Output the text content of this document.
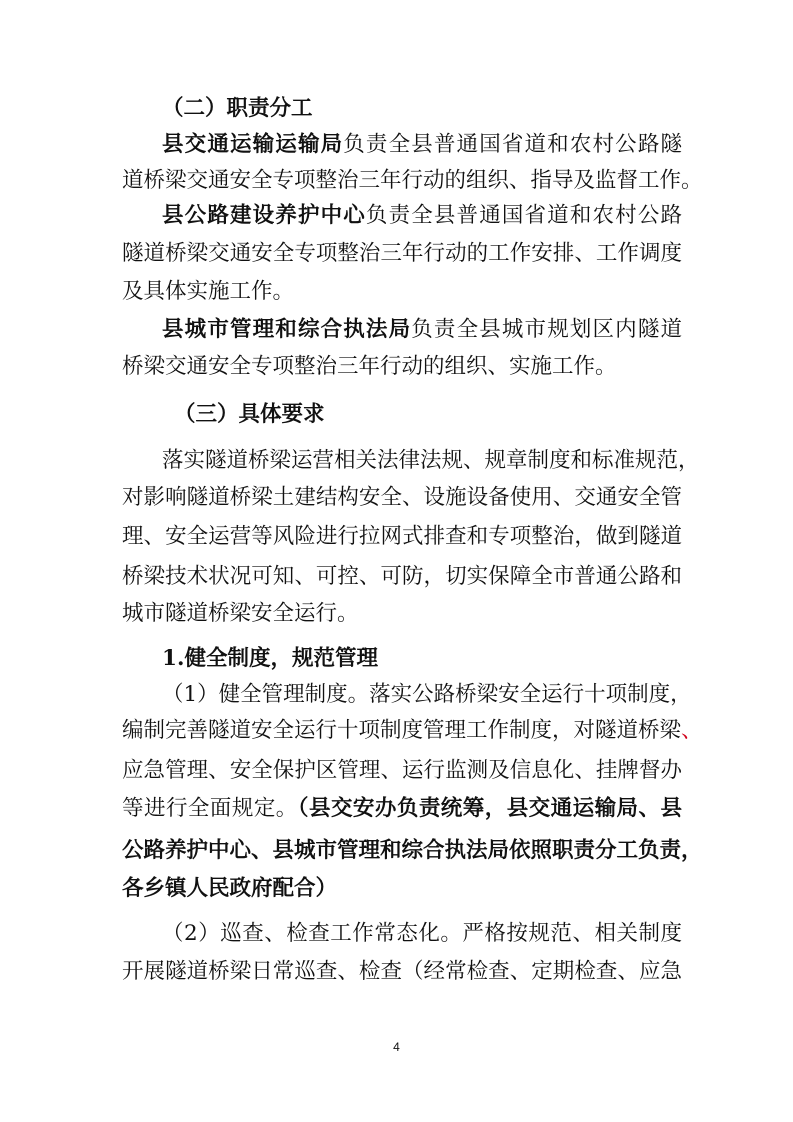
（二）职责分工
县交通运输运输局负责全县普通国省道和农村公路隧
道桥梁交通安全专项整治三年行动的组织、指导及监督工作。
县公路建设养护中心负责全县普通国省道和农村公路
隧道桥梁交通安全专项整治三年行动的工作安排、工作调度
及具体实施工作。
县城市管理和综合执法局负责全县城市规划区内隧道
桥梁交通安全专项整治三年行动的组织、实施工作。
（三）具体要求
落实隧道桥梁运营相关法律法规、规章制度和标准规范，
对影响隧道桥梁土建结构安全、设施设备使用、交通安全管
理、安全运营等风险进行拉网式排查和专项整治，做到隧道
桥梁技术状况可知、可控、可防，切实保障全市普通公路和
城市隧道桥梁安全运行。
1.健全制度，规范管理
（1）健全管理制度。落实公路桥梁安全运行十项制度，
编制完善隧道安全运行十项制度管理工作制度，对隧道桥梁、
应急管理、安全保护区管理、运行监测及信息化、挂牌督办
等进行全面规定。（县交安办负责统筹，县交通运输局、县
公路养护中心、县城市管理和综合执法局依照职责分工负责，
各乡镇人民政府配合）
（2）巡查、检查工作常态化。严格按规范、相关制度
开展隧道桥梁日常巡查、检查（经常检查、定期检查、应急
4
